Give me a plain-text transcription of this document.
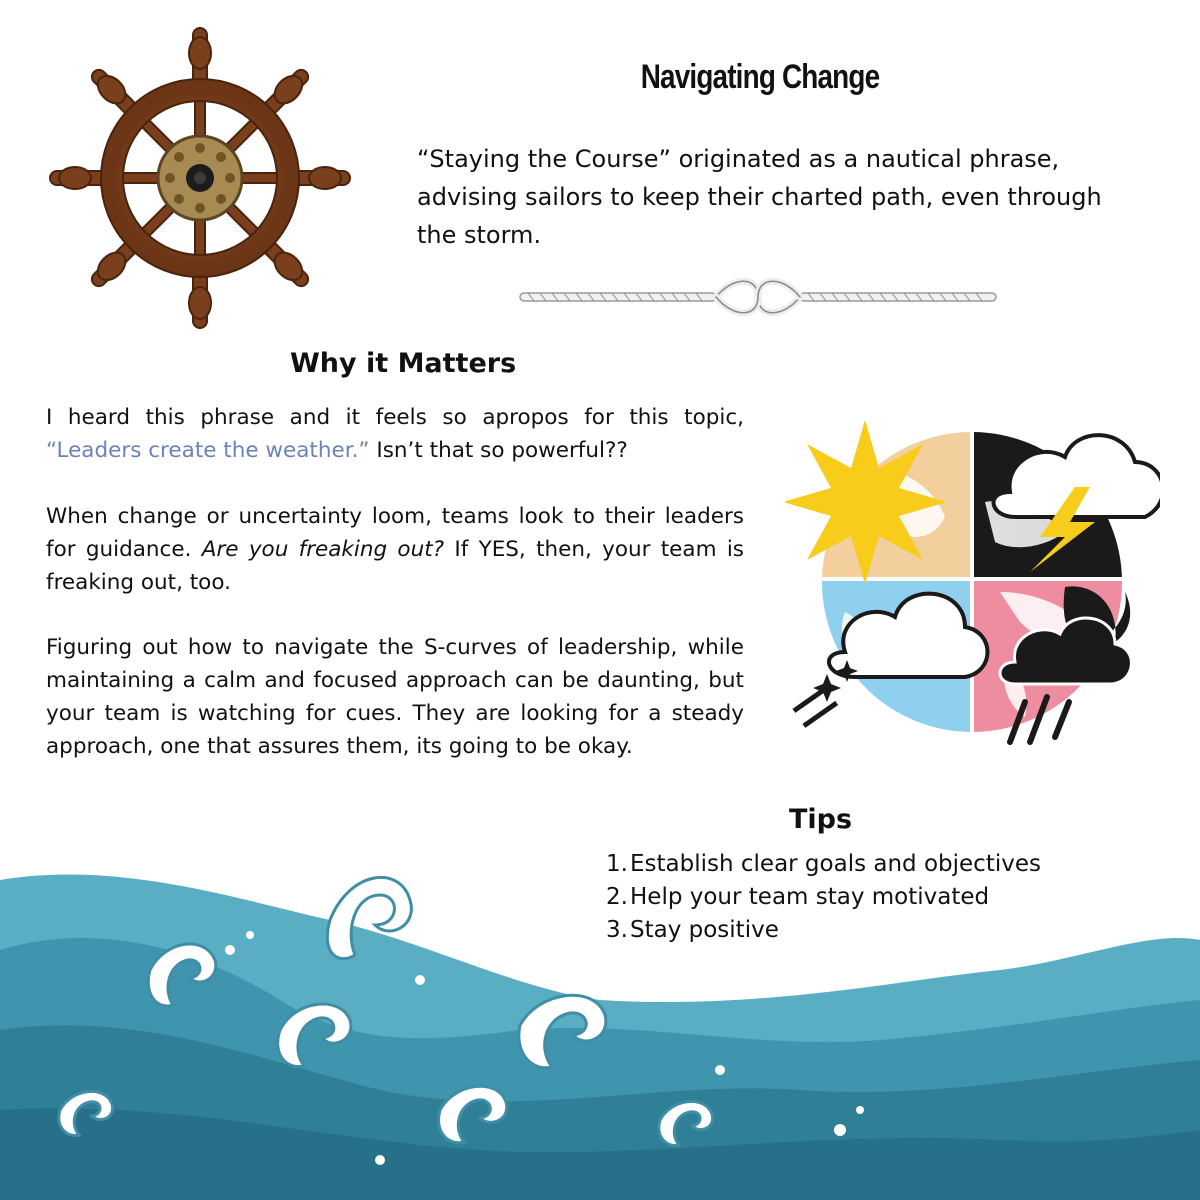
Navigating Change
“Staying the Course” originated as a nautical phrase, advising sailors to keep their charted path, even through the storm.
Why it Matters

I heard this phrase and it feels so apropos for this topic, “Leaders create the weather.” Isn’t that so powerful??

When change or uncertainty loom, teams look to their leaders for guidance. Are you freaking out? If YES, then, your team is freaking out, too.

Figuring out how to navigate the S-curves of leadership, while maintaining a calm and focused approach can be daunting, but your team is watching for cues. They are looking for a steady approach, one that assures them, its going to be okay.

Tips
1. Establish clear goals and objectives
2. Help your team stay motivated
3. Stay positive
